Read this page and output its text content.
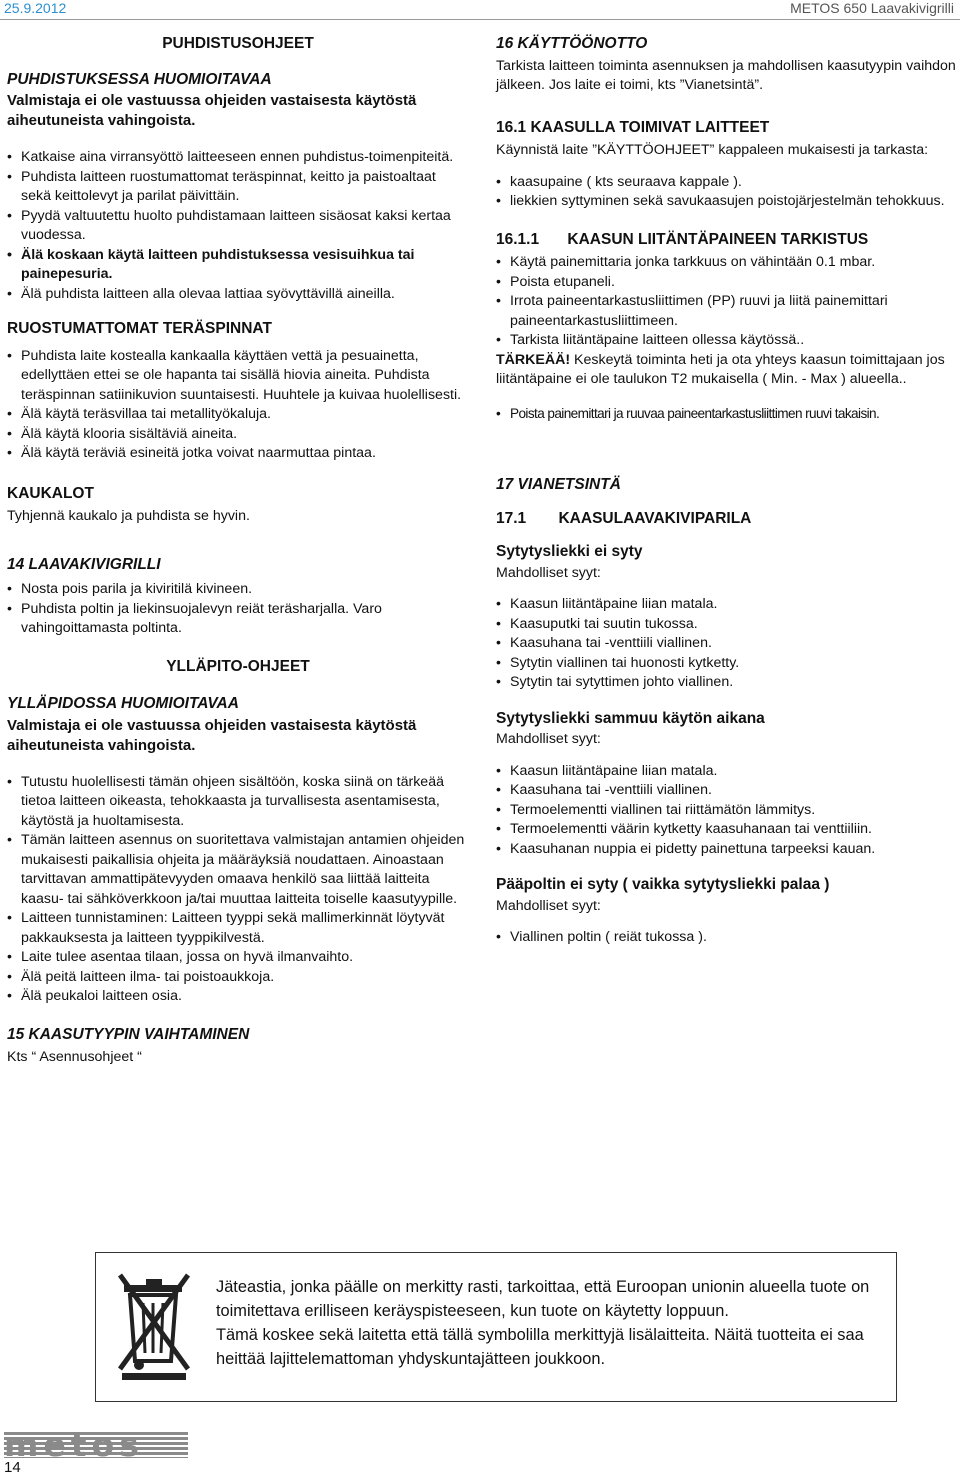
25.9.2012	METOS 650 Laavakivigrilli

PUHDISTUSOHJEET

PUHDISTUKSESSA HUOMIOITAVAA

Valmistaja ei ole vastuussa ohjeiden vastaisesta käytöstä aiheutuneista vahingoista.

• Katkaise aina virransyöttö laitteeseen ennen puhdistus-toimenpiteitä.
• Puhdista laitteen ruostumattomat teräspinnat, keitto ja paistoaltaat sekä keittolevyt ja parilat päivittäin.
• Pyydä valtuutettu huolto puhdistamaan laitteen sisäosat kaksi kertaa vuodessa.
• Älä koskaan käytä laitteen puhdistuksessa vesisuihkua tai painepesuria.
• Älä puhdista laitteen alla olevaa lattiaa syövyttävillä aineilla.

RUOSTUMATTOMAT TERÄSPINNAT

• Puhdista laite kostealla kankaalla käyttäen vettä ja pesuainetta, edellyttäen ettei se ole hapanta tai sisällä hiovia aineita. Puhdista teräspinnan satiinikuvion suuntaisesti. Huuhtele ja kuivaa huolellisesti.
• Älä käytä teräsvillaa tai metallityökaluja.
• Älä käytä klooria sisältäviä aineita.
• Älä käytä teräviä esineitä jotka voivat naarmuttaa pintaa.

KAUKALOT

Tyhjennä kaukalo ja puhdista se hyvin.

14 LAAVAKIVIGRILLI

• Nosta pois parila ja kiviritilä kivineen.
• Puhdista poltin ja liekinsuojalevyn reiät teräsharjalla. Varo vahingoittamasta poltinta.

YLLÄPITO-OHJEET

YLLÄPIDOSSA HUOMIOITAVAA

Valmistaja ei ole vastuussa ohjeiden vastaisesta käytöstä aiheutuneista vahingoista.

• Tutustu huolellisesti tämän ohjeen sisältöön, koska siinä on tärkeää tietoa laitteen oikeasta, tehokkaasta ja turvallisesta asentamisesta, käytöstä ja huoltamisesta.
• Tämän laitteen asennus on suoritettava valmistajan antamien ohjeiden mukaisesti paikallisia ohjeita ja määräyksiä noudattaen. Ainoastaan tarvittavan ammattipätevyyden omaava henkilö saa liittää laitteita kaasu- tai sähköverkkoon ja/tai muuttaa laitteita toiselle kaasutyypille.
• Laitteen tunnistaminen: Laitteen tyyppi sekä mallimerkinnät löytyvät pakkauksesta ja laitteen tyyppikilvestä.
• Laite tulee asentaa tilaan, jossa on hyvä ilmanvaihto.
• Älä peitä laitteen ilma- tai poistoaukkoja.
• Älä peukaloi laitteen osia.

15 KAASUTYYPIN VAIHTAMINEN

Kts “ Asennusohjeet “

16 KÄYTTÖÖNOTTO

Tarkista laitteen toiminta asennuksen ja mahdollisen kaasutyypin vaihdon jälkeen. Jos laite ei toimi, kts ”Vianetsintä”.

16.1 KAASULLA TOIMIVAT LAITTEET

Käynnistä laite ”KÄYTTÖOHJEET” kappaleen mukaisesti ja tarkasta:

• kaasupaine ( kts seuraava kappale ).
• liekkien syttyminen sekä savukaasujen poistojärjestelmän tehokkuus.

16.1.1 KAASUN LIITÄNTÄPAINEEN TARKISTUS

• Käytä painemittaria jonka tarkkuus on vähintään 0.1 mbar.
• Poista etupaneli.
• Irrota paineentarkastusliittimen (PP) ruuvi ja liitä painemittari paineentarkastusliittimeen.
• Tarkista liitäntäpaine laitteen ollessa käytössä..

TÄRKEÄÄ! Keskeytä toiminta heti ja ota yhteys kaasun toimittajaan jos liitäntäpaine ei ole taulukon T2 mukaisella ( Min. - Max ) alueella..

• Poista painemittari ja ruuvaa paineentarkastusliittimen ruuvi takaisin.

17 VIANETSINTÄ

17.1 KAASULAAVAKIVIPARILA

Sytytysliekki ei syty

Mahdolliset syyt:

• Kaasun liitäntäpaine liian matala.
• Kaasuputki tai suutin tukossa.
• Kaasuhana tai -venttiili viallinen.
• Sytytin viallinen tai huonosti kytketty.
• Sytytin tai sytyttimen johto viallinen.

Sytytysliekki sammuu käytön aikana

Mahdolliset syyt:

• Kaasun liitäntäpaine liian matala.
• Kaasuhana tai -venttiili viallinen.
• Termoelementti viallinen tai riittämätön lämmitys.
• Termoelementti väärin kytketty kaasuhanaan tai venttiiliin.
• Kaasuhanan nuppia ei pidetty painettuna tarpeeksi kauan.

Pääpoltin ei syty ( vaikka sytytysliekki palaa )

Mahdolliset syyt:

• Viallinen poltin ( reiät tukossa ).

Jäteastia, jonka päälle on merkitty rasti, tarkoittaa, että Euroopan unionin alueella tuote on toimitettava erilliseen keräyspisteeseen, kun tuote on käytetty loppuun.

Tämä koskee sekä laitetta että tällä symbolilla merkittyjä lisälaitteita. Näitä tuotteita ei saa heittää lajittelemattoman yhdyskuntajätteen joukkoon.

metos
14
